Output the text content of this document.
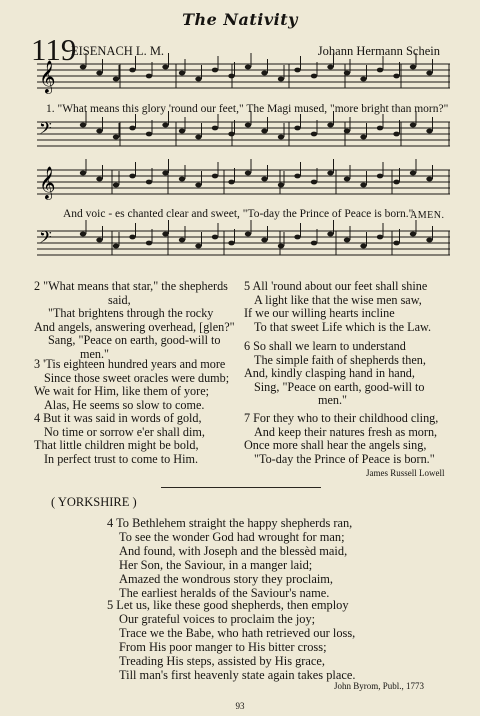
The Nativity
119
EISENACH L. M.	Johann Hermann Schein
𝄞
𝄢
𝄞
𝄢
1. "What means this glory 'round our feet," The Magi mused, "more bright than morn?"
And voic - es chanted clear and sweet, "To-day the Prince of Peace is born."
AMEN.
2 "What means that star," the shepherds
said,
"That brightens through the rocky
And angels, answering overhead, [glen?"
Sang, "Peace on earth, good-will to
men."
3 'Tis eighteen hundred years and more
Since those sweet oracles were dumb;
We wait for Him, like them of yore;
Alas, He seems so slow to come.
4 But it was said in words of gold,
No time or sorrow e'er shall dim,
That little children might be bold,
In perfect trust to come to Him.
5 All 'round about our feet shall shine
A light like that the wise men saw,
If we our willing hearts incline
To that sweet Life which is the Law.
6 So shall we learn to understand
The simple faith of shepherds then,
And, kindly clasping hand in hand,
Sing, "Peace on earth, good-will to
men."
7 For they who to their childhood cling,
And keep their natures fresh as morn,
Once more shall hear the angels sing,
"To-day the Prince of Peace is born."
James Russell Lowell
( YORKSHIRE )
4 To Bethlehem straight the happy shepherds ran,
To see the wonder God had wrought for man;
And found, with Joseph and the blessèd maid,
Her Son, the Saviour, in a manger laid;
Amazed the wondrous story they proclaim,
The earliest heralds of the Saviour's name.
5 Let us, like these good shepherds, then employ
Our grateful voices to proclaim the joy;
Trace we the Babe, who hath retrieved our loss,
From His poor manger to His bitter cross;
Treading His steps, assisted by His grace,
Till man's first heavenly state again takes place.
John Byrom, Publ., 1773
93
